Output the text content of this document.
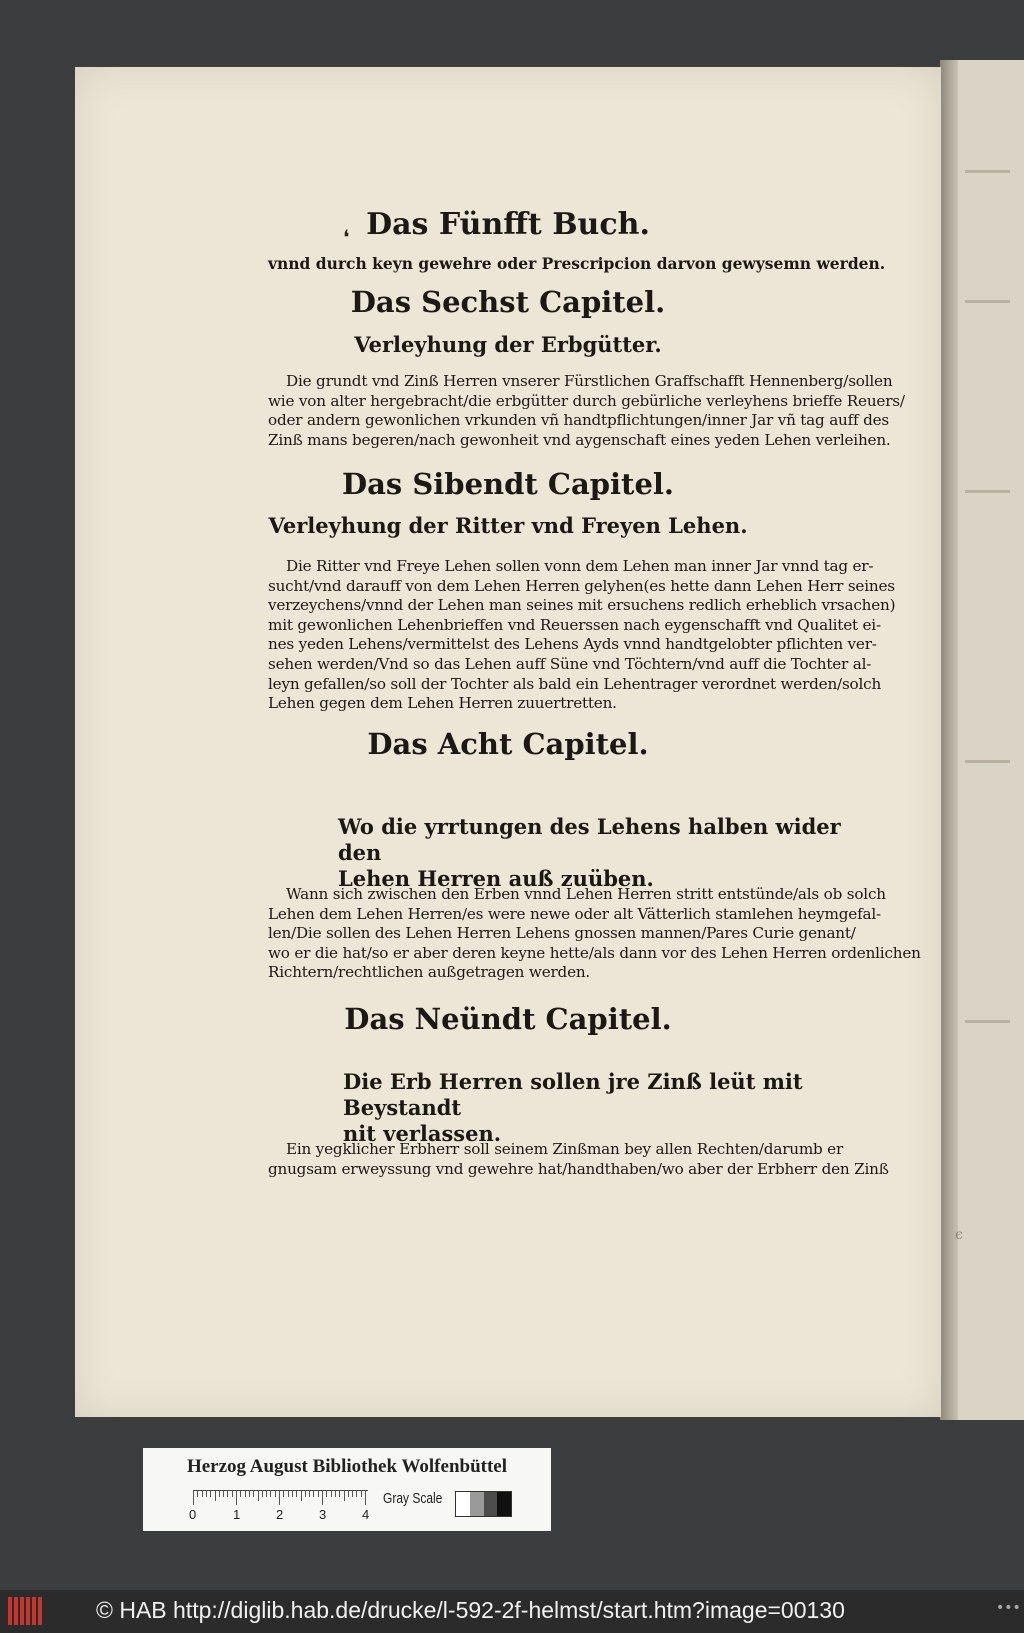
❛ Das Fünfft Buch.
vnnd durch keyn gewehre oder Prescripcion darvon gewysemn werden.
Das Sechst Capitel.
Verleyhung der Erbgütter.
Die grundt vnd Zinß Herren vnserer Fürstlichen Graffschafft Hennenberg/sollen
wie von alter hergebracht/die erbgütter durch gebürliche verleyhens brieffe Reuers/
oder andern gewonlichen vrkunden vñ handtpflichtungen/inner Jar vñ tag auff des
Zinß mans begeren/nach gewonheit vnd aygenschaft eines yeden Lehen verleihen.
Das Sibendt Capitel.
Verleyhung der Ritter vnd Freyen Lehen.
Die Ritter vnd Freye Lehen sollen vonn dem Lehen man inner Jar vnnd tag er-
sucht/vnd darauff von dem Lehen Herren gelyhen(es hette dann Lehen Herr seines
verzeychens/vnnd der Lehen man seines mit ersuchens redlich erheblich vrsachen)
mit gewonlichen Lehenbrieffen vnd Reuerssen nach eygenschafft vnd Qualitet ei-
nes yeden Lehens/vermittelst des Lehens Ayds vnnd handtgelobter pflichten ver-
sehen werden/Vnd so das Lehen auff Süne vnd Töchtern/vnd auff die Tochter al-
leyn gefallen/so soll der Tochter als bald ein Lehentrager verordnet werden/solch
Lehen gegen dem Lehen Herren zuuertretten.
Das Acht Capitel.
Wo die yrrtungen des Lehens halben wider den
Lehen Herren auß zuüben.
Wann sich zwischen den Erben vnnd Lehen Herren stritt entstünde/als ob solch
Lehen dem Lehen Herren/es were newe oder alt Vätterlich stamlehen heymgefal-
len/Die sollen des Lehen Herren Lehens gnossen mannen/Pares Curie genant/
wo er die hat/so er aber deren keyne hette/als dann vor des Lehen Herren ordenlichen
Richtern/rechtlichen außgetragen werden.
Das Neündt Capitel.
Die Erb Herren sollen jre Zinß leüt mit Beystandt
nit verlassen.
Ein yegklicher Erbherr soll seinem Zinßman bey allen Rechten/darumb er
gnugsam erweyssung vnd gewehre hat/handthaben/wo aber der Erbherr den Zinß
є
Herzog August Bibliothek Wolfenbüttel
0	1	2	3	4
Gray Scale
© HAB http://diglib.hab.de/drucke/l-592-2f-helmst/start.htm?image=00130	•••
